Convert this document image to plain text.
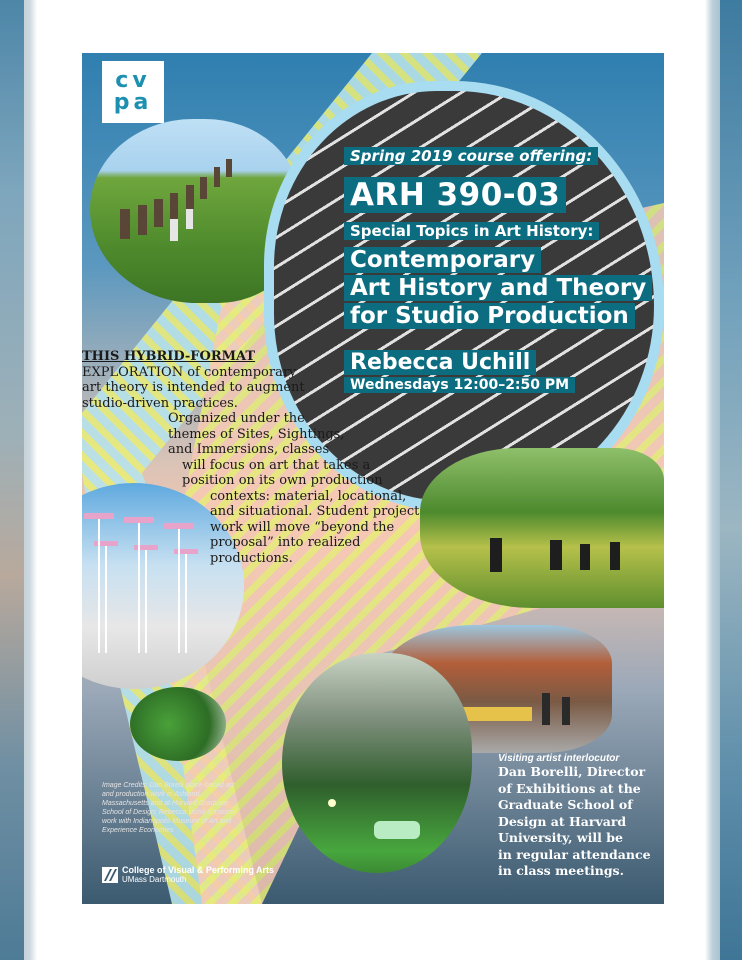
cv
pa
Spring 2019 course offering:
ARH 390-03
Special Topics in Art History:
Contemporary
Art History and Theory
for Studio Production
Rebecca Uchill
Wednesdays 12:00–2:50 PM
THIS HYBRID-FORMAT
EXPLORATION of contemporary
art theory is intended to augment
studio-driven practices.
Organized under the
themes of Sites, Sightings,
and Immersions, classes
will focus on art that takes a
position on its own production
contexts: material, locational,
and situational. Student project
work will move “beyond the
proposal” into realized
productions.
Image Credits: Dan Borelli place-based art and production work in Ashland, Massachusetts and at Harvard Graduate School of Design; Rebecca Uchill curatorial work with Indianapolis Museum of Art and Experience Economies
College of Visual & Performing Arts
UMass Dartmouth
Visiting artist interlocutor
Dan Borelli, Director
of Exhibitions at the
Graduate School of
Design at Harvard
University, will be
in regular attendance
in class meetings.
